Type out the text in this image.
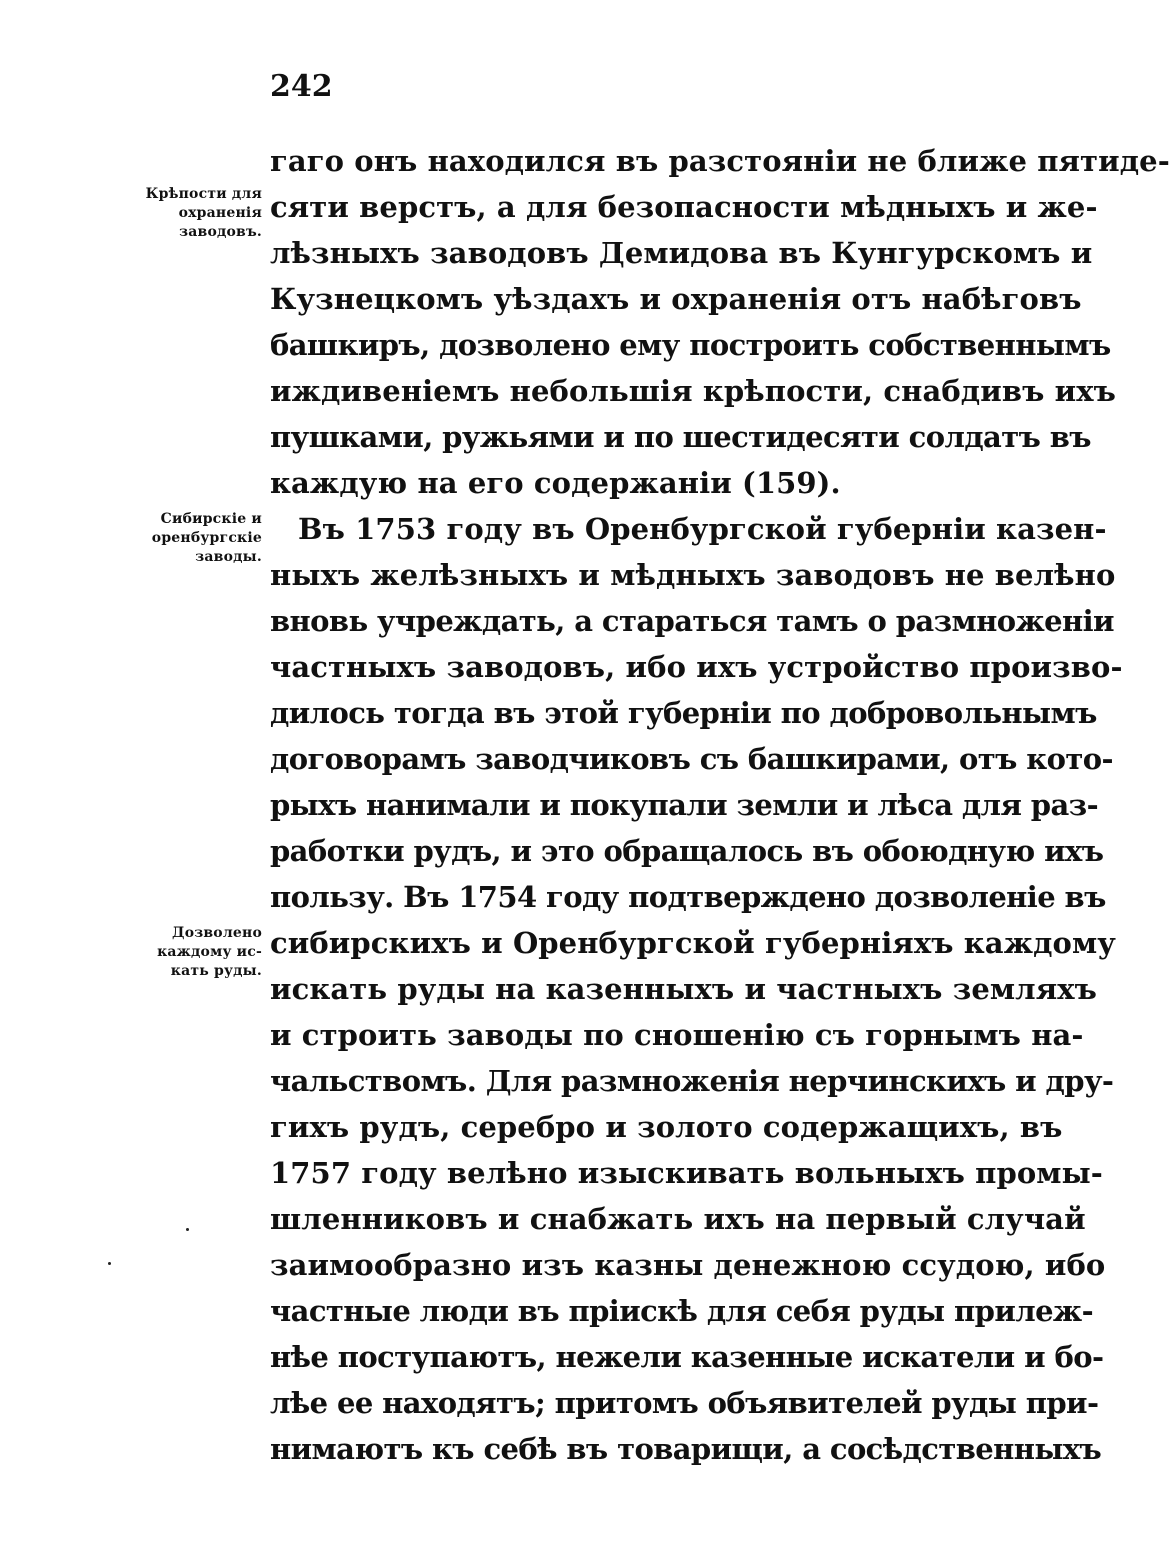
242
Крѣпости для
охраненія
заводовъ.
Сибирскіе и
оренбургскіе
заводы.
Дозволено
каждому ис-
кать руды.
гаго онъ находился въ разстояніи не ближе пятиде-
сяти верстъ, а для безопасности мѣдныхъ и же-
лѣзныхъ заводовъ Демидова въ Кунгурскомъ и
Кузнецкомъ уѣздахъ и охраненія отъ набѣговъ
башкиръ, дозволено ему построить собственнымъ
иждивеніемъ небольшія крѣпости, снабдивъ ихъ
пушками, ружьями и по шестидесяти солдатъ въ
каждую на его содержаніи (159).
Въ 1753 году въ Оренбургской губерніи казен-
ныхъ желѣзныхъ и мѣдныхъ заводовъ не велѣно
вновь учреждать, а стараться тамъ о размноженіи
частныхъ заводовъ, ибо ихъ устройство произво-
дилось тогда въ этой губерніи по добровольнымъ
договорамъ заводчиковъ съ башкирами, отъ кото-
рыхъ нанимали и покупали земли и лѣса для раз-
работки рудъ, и это обращалось въ обоюдную ихъ
пользу. Въ 1754 году подтверждено дозволеніе въ
сибирскихъ и Оренбургской губерніяхъ каждому
искать руды на казенныхъ и частныхъ земляхъ
и строить заводы по сношенію съ горнымъ на-
чальствомъ. Для размноженія нерчинскихъ и дру-
гихъ рудъ, серебро и золото содержащихъ, въ
1757 году велѣно изыскивать вольныхъ промы-
шленниковъ и снабжать ихъ на первый случай
заимообразно изъ казны денежною ссудою, ибо
частные люди въ пріискѣ для себя руды прилеж-
нѣе поступаютъ, нежели казенные искатели и бо-
лѣе ее находятъ; притомъ объявителей руды при-
нимаютъ къ себѣ въ товарищи, а сосѣдственныхъ
